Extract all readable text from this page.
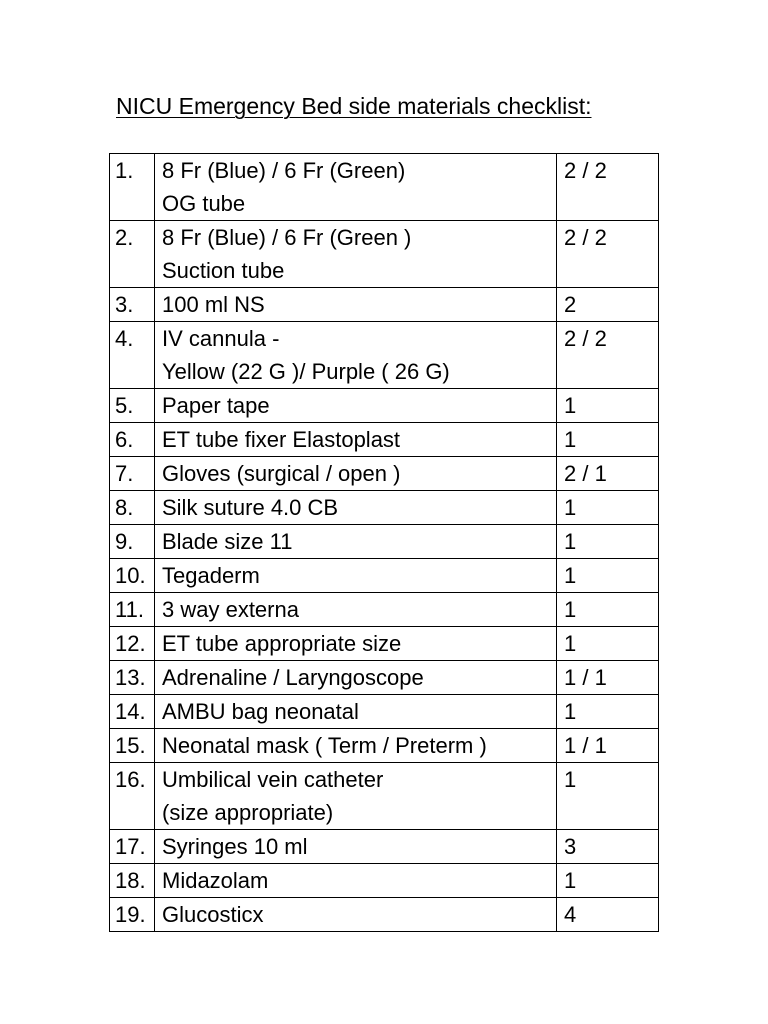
NICU Emergency Bed side materials checklist:
1.	8 Fr (Blue) / 6 Fr (Green)
OG tube	2 / 2
2.	8 Fr (Blue) / 6 Fr (Green )
Suction tube	2 / 2
3.	100 ml NS	2
4.	IV cannula -
Yellow (22 G )/ Purple ( 26 G)	2 / 2
5.	Paper tape	1
6.	ET tube fixer Elastoplast	1
7.	Gloves (surgical / open )	2 / 1
8.	Silk suture 4.0 CB	1
9.	Blade size 11	1
10.	Tegaderm	1
11.	3 way externa	1
12.	ET tube appropriate size	1
13.	Adrenaline / Laryngoscope	1 / 1
14.	AMBU bag neonatal	1
15.	Neonatal mask ( Term / Preterm )	1 / 1
16.	Umbilical vein catheter
(size appropriate)	1
17.	Syringes 10 ml	3
18.	Midazolam	1
19.	Glucosticx	4
